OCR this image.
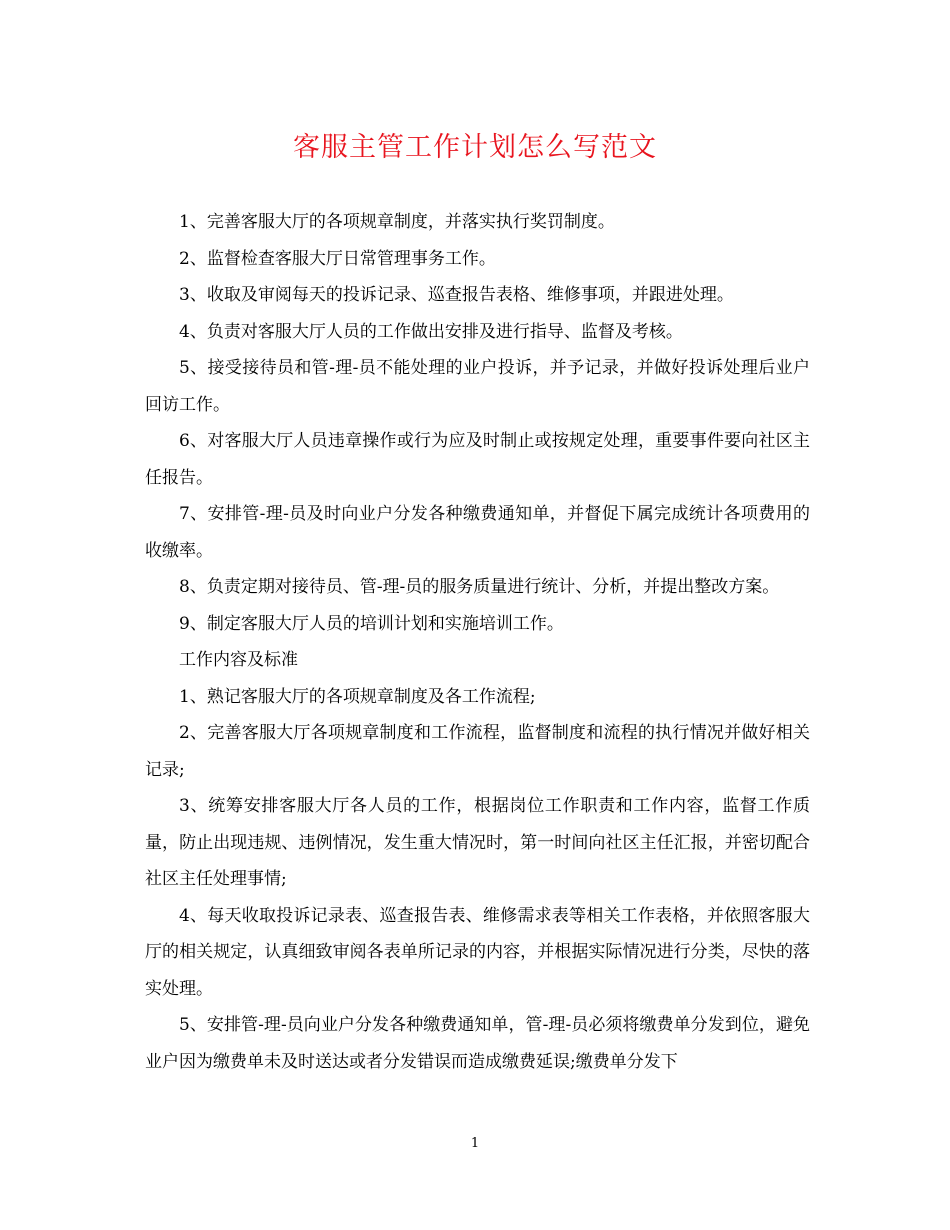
客服主管工作计划怎么写范文

1、完善客服大厅的各项规章制度，并落实执行奖罚制度。

2、监督检查客服大厅日常管理事务工作。

3、收取及审阅每天的投诉记录、巡查报告表格、维修事项，并跟进处理。

4、负责对客服大厅人员的工作做出安排及进行指导、监督及考核。

5、接受接待员和管-理-员不能处理的业户投诉，并予记录，并做好投诉处理后业户回访工作。

6、对客服大厅人员违章操作或行为应及时制止或按规定处理，重要事件要向社区主任报告。

7、安排管-理-员及时向业户分发各种缴费通知单，并督促下属完成统计各项费用的收缴率。

8、负责定期对接待员、管-理-员的服务质量进行统计、分析，并提出整改方案。

9、制定客服大厅人员的培训计划和实施培训工作。

工作内容及标准

1、熟记客服大厅的各项规章制度及各工作流程;

2、完善客服大厅各项规章制度和工作流程，监督制度和流程的执行情况并做好相关记录;

3、统筹安排客服大厅各人员的工作，根据岗位工作职责和工作内容，监督工作质量，防止出现违规、违例情况，发生重大情况时，第一时间向社区主任汇报，并密切配合社区主任处理事情;

4、每天收取投诉记录表、巡查报告表、维修需求表等相关工作表格，并依照客服大厅的相关规定，认真细致审阅各表单所记录的内容，并根据实际情况进行分类，尽快的落实处理。

5、安排管-理-员向业户分发各种缴费通知单，管-理-员必须将缴费单分发到位，避免业户因为缴费单未及时送达或者分发错误而造成缴费延误;缴费单分发下

1
